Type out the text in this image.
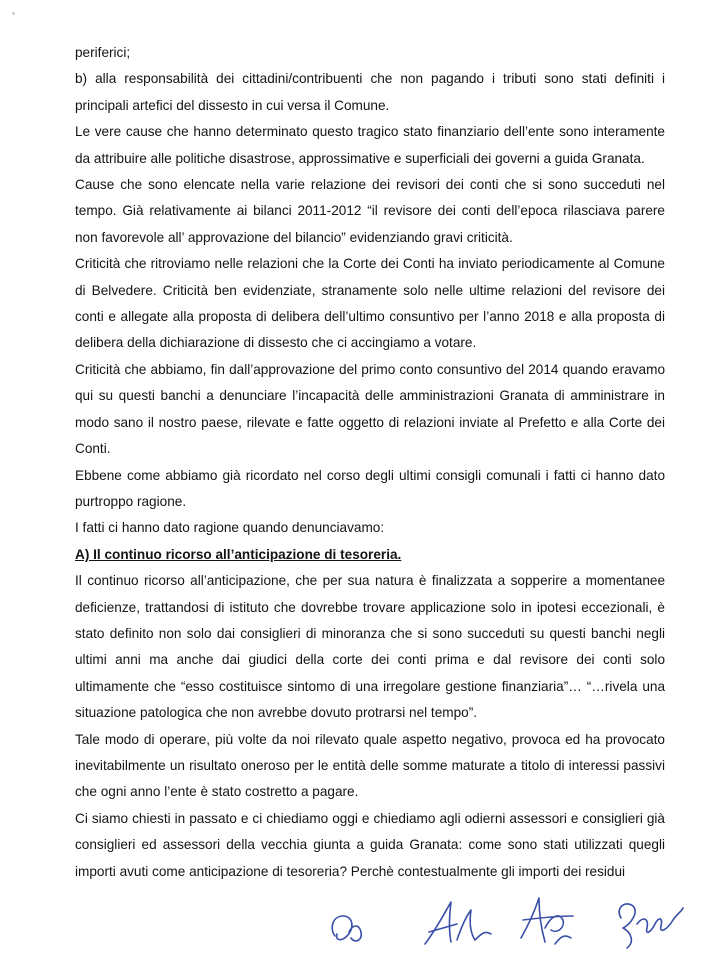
periferici;

b) alla responsabilità dei cittadini/contribuenti che non pagando i tributi sono stati definiti i principali artefici del dissesto in cui versa il Comune.

Le vere cause che hanno determinato questo tragico stato finanziario dell’ente sono interamente da attribuire alle politiche disastrose, approssimative e superficiali dei governi a guida Granata.

Cause che sono elencate nella varie relazione dei revisori dei conti che si sono succeduti nel tempo. Già relativamente ai bilanci 2011-2012 “il revisore dei conti dell’epoca rilasciava parere non favorevole all’ approvazione del bilancio” evidenziando gravi criticità.

Criticità che ritroviamo nelle relazioni che la Corte dei Conti ha inviato periodicamente al Comune di Belvedere. Criticità ben evidenziate, stranamente solo nelle ultime relazioni del revisore dei conti e allegate alla proposta di delibera dell’ultimo consuntivo per l’anno 2018 e alla proposta di delibera della dichiarazione di dissesto che ci accingiamo a votare.

Criticità che abbiamo, fin dall’approvazione del primo conto consuntivo del 2014 quando eravamo qui su questi banchi a denunciare l’incapacità delle amministrazioni Granata di amministrare in modo sano il nostro paese, rilevate e fatte oggetto di relazioni inviate al Prefetto e alla Corte dei Conti.

Ebbene come abbiamo già ricordato nel corso degli ultimi consigli comunali i fatti ci hanno dato purtroppo ragione.

I fatti ci hanno dato ragione quando denunciavamo:

A) Il continuo ricorso all’anticipazione di tesoreria.

Il continuo ricorso all’anticipazione, che per sua natura è finalizzata a sopperire a momentanee deficienze, trattandosi di istituto che dovrebbe trovare applicazione solo in ipotesi eccezionali, è stato definito non solo dai consiglieri di minoranza che si sono succeduti su questi banchi negli ultimi anni ma anche dai giudici della corte dei conti prima e dal revisore dei conti solo ultimamente che “esso costituisce sintomo di una irregolare gestione finanziaria”… “…rivela una situazione patologica che non avrebbe dovuto protrarsi nel tempo”.

Tale modo di operare, più volte da noi rilevato quale aspetto negativo, provoca ed ha provocato inevitabilmente un risultato oneroso per le entità delle somme maturate a titolo di interessi passivi che ogni anno l’ente è stato costretto a pagare.

Ci siamo chiesti in passato e ci chiediamo oggi e chiediamo agli odierni assessori e consiglieri già consiglieri ed assessori della vecchia giunta a guida Granata: come sono stati utilizzati quegli importi avuti come anticipazione di tesoreria? Perchè contestualmente gli importi dei residui
